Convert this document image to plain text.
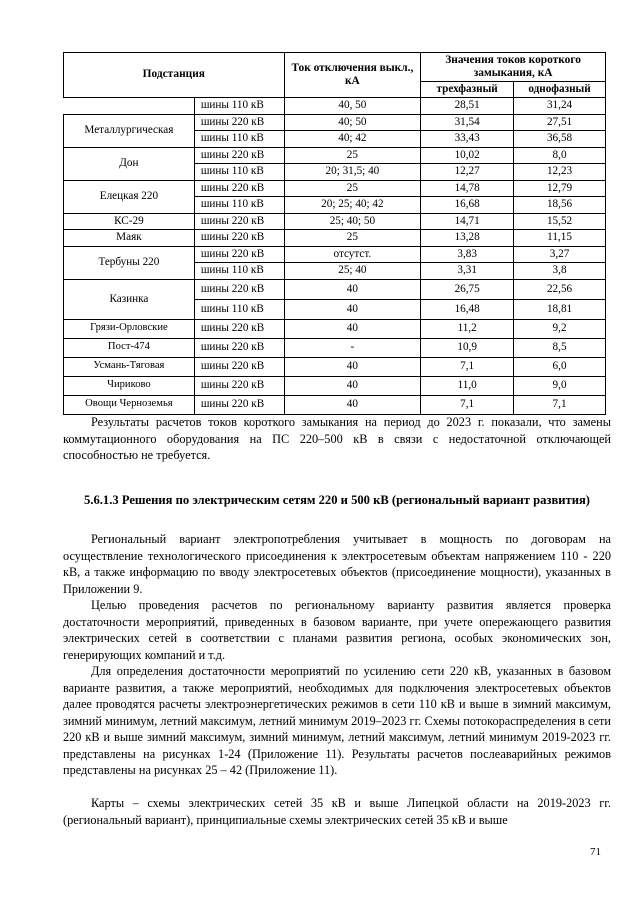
Подстанция		Ток отключения выкл., кА	Значения токов короткого замыкания, кА	
			трехфазный	однофазный
	шины 110 кВ	40, 50	28,51	31,24
Металлургическая	шины 220 кВ	40; 50	31,54	27,51
	шины 110 кВ	40; 42	33,43	36,58
Дон	шины 220 кВ	25	10,02	8,0
	шины 110 кВ	20; 31,5; 40	12,27	12,23
Елецкая 220	шины 220 кВ	25	14,78	12,79
	шины 110 кВ	20; 25; 40; 42	16,68	18,56
КС-29	шины 220 кВ	25; 40; 50	14,71	15,52
Маяк	шины 220 кВ	25	13,28	11,15
Тербуны 220	шины 220 кВ	отсутст.	3,83	3,27
	шины 110 кВ	25; 40	3,31	3,8
Казинка	шины 220 кВ	40	26,75	22,56
	шины 110 кВ	40	16,48	18,81
Грязи-Орловские	шины 220 кВ	40	11,2	9,2
Пост-474	шины 220 кВ	-	10,9	8,5
Усмань-Тяговая	шины 220 кВ	40	7,1	6,0
Чириково	шины 220 кВ	40	11,0	9,0
Овощи Черноземья	шины 220 кВ	40	7,1	7,1

Результаты расчетов токов короткого замыкания на период до 2023 г. показали, что замены коммутационного оборудования на ПС 220–500 кВ в связи с недостаточной отключающей способностью не требуется.

5.6.1.3 Решения по электрическим сетям 220 и 500 кВ (региональный вариант развития)

Региональный вариант электропотребления учитывает в мощность по договорам на осуществление технологического присоединения к электросетевым объектам напряжением 110 - 220 кВ, а также информацию по вводу электросетевых объектов (присоединение мощности), указанных в Приложении 9.

Целью проведения расчетов по региональному варианту развития является проверка достаточности мероприятий, приведенных в базовом варианте, при учете опережающего развития электрических сетей в соответствии с планами развития региона, особых экономических зон, генерирующих компаний и т.д.

Для определения достаточности мероприятий по усилению сети 220 кВ, указанных в базовом варианте развития, а также мероприятий, необходимых для подключения электросетевых объектов далее проводятся расчеты электроэнергетических режимов в сети 110 кВ и выше в зимний максимум, зимний минимум, летний максимум, летний минимум 2019–2023 гг. Схемы потокораспределения в сети 220 кВ и выше зимний максимум, зимний минимум, летний максимум, летний минимум 2019-2023 гг. представлены на рисунках 1-24 (Приложение 11). Результаты расчетов послеаварийных режимов представлены на рисунках 25 – 42 (Приложение 11).

Карты – схемы электрических сетей 35 кВ и выше Липецкой области на 2019-2023 гг. (региональный вариант), принципиальные схемы электрических сетей 35 кВ и выше

71
